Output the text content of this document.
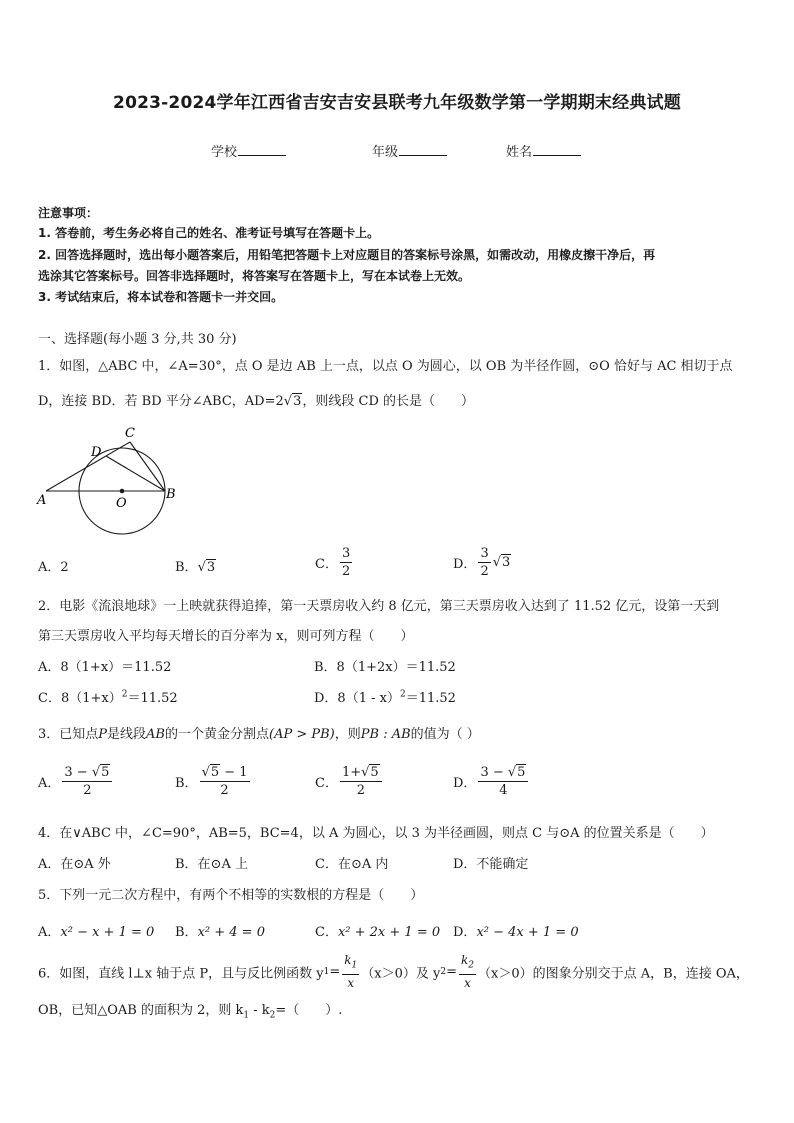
2023-2024学年江西省吉安吉安县联考九年级数学第一学期期末经典试题
学校	年级	姓名
注意事项：
1. 答卷前，考生务必将自己的姓名、准考证号填写在答题卡上。
2. 回答选择题时，选出每小题答案后，用铅笔把答题卡上对应题目的答案标号涂黑，如需改动，用橡皮擦干净后，再
选涂其它答案标号。回答非选择题时，将答案写在答题卡上，写在本试卷上无效。
3. 考试结束后，将本试卷和答题卡一并交回。
一、选择题(每小题 3 分,共 30 分)
1．如图，△ABC 中，∠A=30°，点 O 是边 AB 上一点，以点 O 为圆心，以 OB 为半径作圆，⊙O 恰好与 AC 相切于点
D，连接 BD．若 BD 平分∠ABC，AD=2√3，则线段 CD 的长是（　　）
A	B
C
D
O
A．2	B．√3	C． $\frac{3}{2}$	D． $\frac{3}{2} √3$
2．电影《流浪地球》一上映就获得追捧，第一天票房收入约 8 亿元，第三天票房收入达到了 11.52 亿元，设第一天到
第三天票房收入平均每天增长的百分率为 x，则可列方程（　　）
A．8（1+x）＝11.52	B．8（1+2x）＝11.52
C．$8(1+x)^2=11.52$	D．8（1 - x）$^2$＝11.52
3．已知点P是线段AB的一个黄金分割点(AP > PB)，则PB : AB的值为（ ）
A． $\frac{3 - √5}{2}$	B． $\frac{√5 - 1}{2}$	C． $\frac{1+√5}{2}$	D． $\frac{3 - √5}{4}$
4．在∨ABC 中，∠C=90°，AB=5，BC=4，以 A 为圆心，以 3 为半径画圆，则点 C 与⊙A 的位置关系是（　　）
A．在⊙A 外	B．在⊙A 上	C．在⊙A 内	D．不能确定
5．下列一元二次方程中，有两个不相等的实数根的方程是（　　）
A．x² − x + 1 = 0 B．x² + 4 = 0	C．x² + 2x + 1 = 0 D．x² − 4x + 1 = 0
6．如图，直线 l⊥x 轴于点 P，且与反比例函数 $y1= \frac{k_1}{x} (x>0)$及 $y2= \frac{k_2}{x} (x>0)$的图象分别交于点 A，B，连接 OA，
OB，已知△OAB 的面积为 2，则 $k_1 - k_2=$（　　）.
